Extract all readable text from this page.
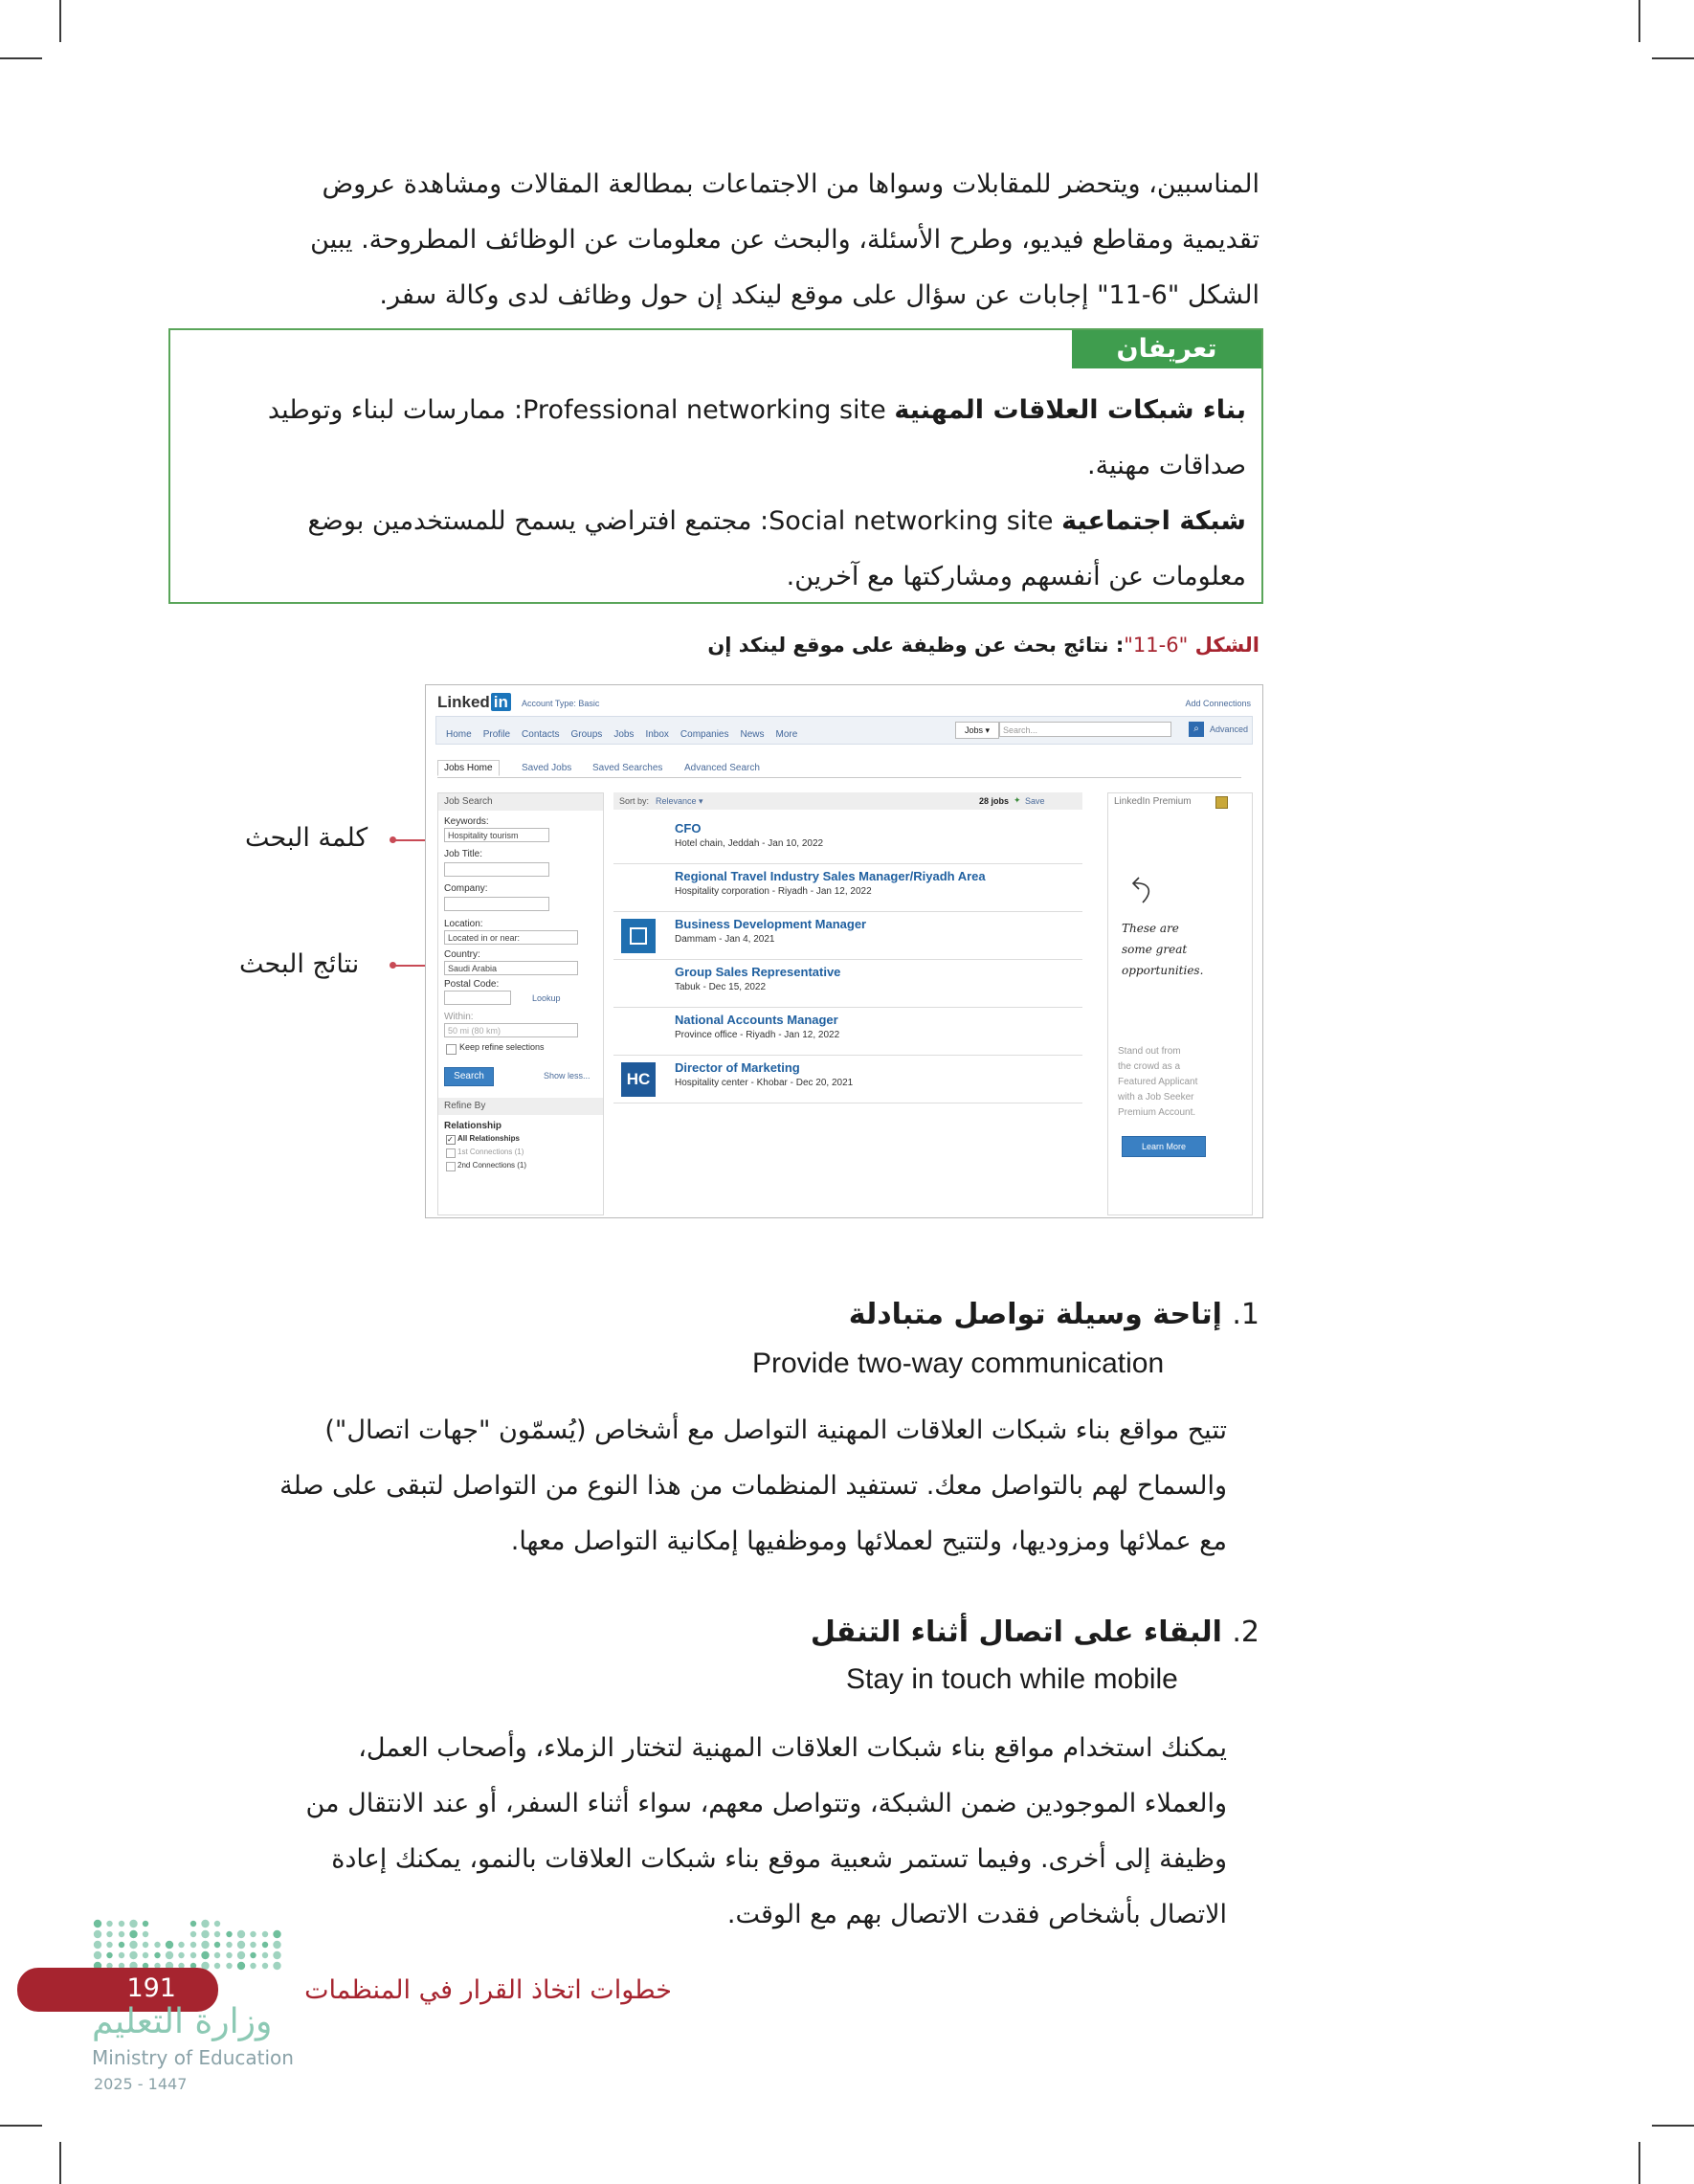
المناسبين، ويتحضر للمقابلات وسواها من الاجتماعات بمطالعة المقالات ومشاهدة عروض
تقديمية ومقاطع فيديو، وطرح الأسئلة، والبحث عن معلومات عن الوظائف المطروحة. يبين
الشكل "6-11" إجابات عن سؤال على موقع لينكد إن حول وظائف لدى وكالة سفر.
تعريفان
بناء شبكات العلاقات المهنية Professional networking site: ممارسات لبناء وتوطيد
صداقات مهنية.
شبكة اجتماعية Social networking site: مجتمع افتراضي يسمح للمستخدمين بوضع
معلومات عن أنفسهم ومشاركتها مع آخرين.
الشكل "6-11": نتائج بحث عن وظيفة على موقع لينكد إن
كلمة البحث
نتائج البحث
Linked in	Account Type: Basic	Add Connections
Home Profile Contacts Groups Jobs Inbox Companies News More	Jobs ▾	Search...	⌕	Advanced
Jobs Home	Saved Jobs Saved Searches Advanced Search
Job Search
Keywords:
Hospitality tourism
Job Title:
Company:
Location:
Located in or near:
Country:
Saudi Arabia
Postal Code:
Lookup
Within:
50 mi (80 km)
Keep refine selections
Search	Show less...
Refine By
Relationship
✓ All Relationships
1st Connections (1)
2nd Connections (1)
Sort by: Relevance ▾	28 jobs ✦ Save
CFO
Hotel chain, Jeddah - Jan 10, 2022
Regional Travel Industry Sales Manager/Riyadh Area
Hospitality corporation - Riyadh - Jan 12, 2022
Business Development Manager
Dammam - Jan 4, 2021
Group Sales Representative
Tabuk - Dec 15, 2022
National Accounts Manager
Province office - Riyadh - Jan 12, 2022
HC
Director of Marketing
Hospitality center - Khobar - Dec 20, 2021
LinkedIn Premium
These are
some great
opportunities.
Stand out from
the crowd as a
Featured Applicant
with a Job Seeker
Premium Account.
Learn More
1. إتاحة وسيلة تواصل متبادلة
Provide two-way communication
تتيح مواقع بناء شبكات العلاقات المهنية التواصل مع أشخاص (يُسمّون "جهات اتصال")
والسماح لهم بالتواصل معك. تستفيد المنظمات من هذا النوع من التواصل لتبقى على صلة
مع عملائها ومزوديها، ولتتيح لعملائها وموظفيها إمكانية التواصل معها.
2. البقاء على اتصال أثناء التنقل
Stay in touch while mobile
يمكنك استخدام مواقع بناء شبكات العلاقات المهنية لتختار الزملاء، وأصحاب العمل،
والعملاء الموجودين ضمن الشبكة، وتتواصل معهم، سواء أثناء السفر، أو عند الانتقال من
وظيفة إلى أخرى. وفيما تستمر شعبية موقع بناء شبكات العلاقات بالنمو، يمكنك إعادة
الاتصال بأشخاص فقدت الاتصال بهم مع الوقت.
191	خطوات اتخاذ القرار في المنظمات
وزارة التعليم
Ministry of Education
2025 - 1447
